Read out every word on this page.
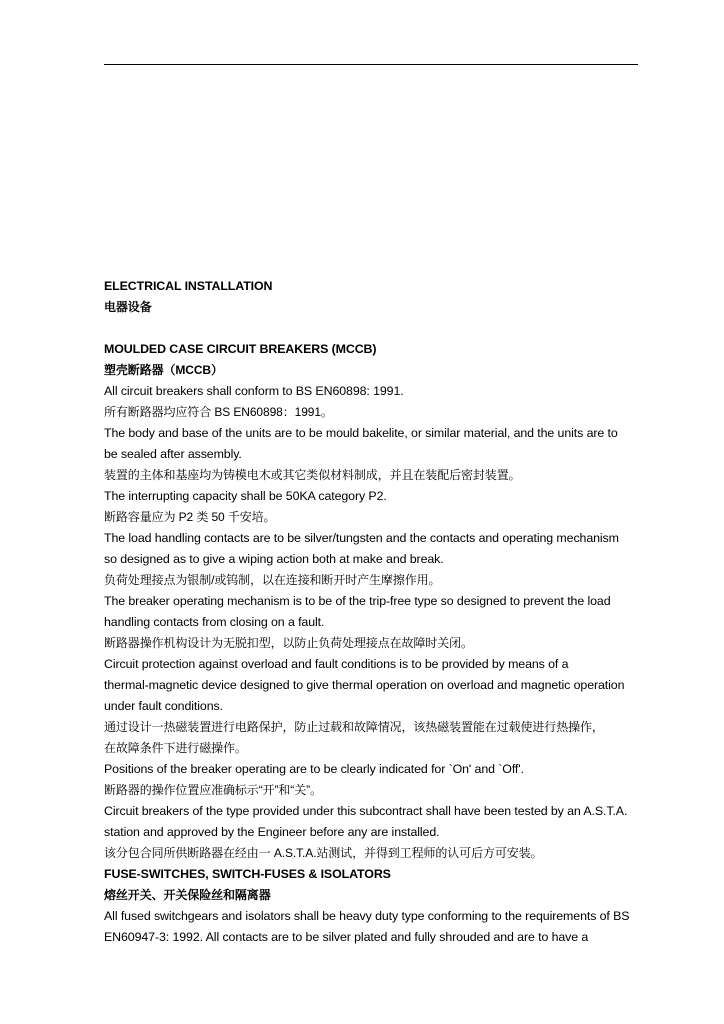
ELECTRICAL INSTALLATION
电器设备
MOULDED CASE CIRCUIT BREAKERS (MCCB)
塑壳断路器（MCCB）
All circuit breakers shall conform to BS EN60898: 1991.
所有断路器均应符合 BS EN60898：1991。
The body and base of the units are to be mould bakelite, or similar material, and the units are to
be sealed after assembly.
装置的主体和基座均为铸模电木或其它类似材料制成，并且在装配后密封装置。
The interrupting capacity shall be 50KA category P2.
断路容量应为 P2 类 50 千安培。
The load handling contacts are to be silver/tungsten and the contacts and operating mechanism
so designed as to give a wiping action both at make and break.
负荷处理接点为银制/或钨制，以在连接和断开时产生摩擦作用。
The breaker operating mechanism is to be of the trip-free type so designed to prevent the load
handling contacts from closing on a fault.
断路器操作机构设计为无脱扣型，以防止负荷处理接点在故障时关闭。
Circuit protection against overload and fault conditions is to be provided by means of a
thermal-magnetic device designed to give thermal operation on overload and magnetic operation
under fault conditions.
通过设计一热磁装置进行电路保护，防止过载和故障情况，该热磁装置能在过载使进行热操作，
在故障条件下进行磁操作。
Positions of the breaker operating are to be clearly indicated for `On' and `Off'.
断路器的操作位置应准确标示“开”和“关”。
Circuit breakers of the type provided under this subcontract shall have been tested by an A.S.T.A.
station and approved by the Engineer before any are installed.
该分包合同所供断路器在经由一 A.S.T.A.站测试，并得到工程师的认可后方可安装。
FUSE-SWITCHES, SWITCH-FUSES & ISOLATORS
熔丝开关、开关保险丝和隔离器
All fused switchgears and isolators shall be heavy duty type conforming to the requirements of BS
EN60947-3: 1992. All contacts are to be silver plated and fully shrouded and are to have a
